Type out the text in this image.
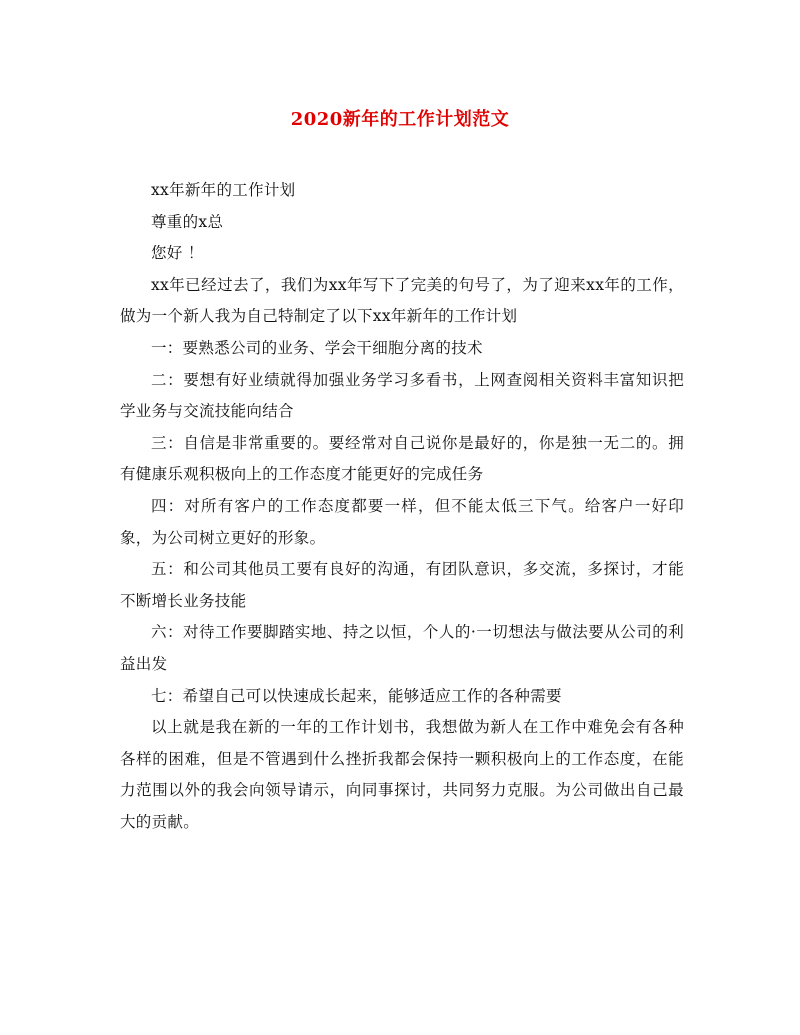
2020新年的工作计划范文

xx年新年的工作计划

尊重的x总

您好 ！

xx年已经过去了，我们为xx年写下了完美的句号了，为了迎来xx年的工作，做为一个新人我为自己特制定了以下xx年新年的工作计划

一：要熟悉公司的业务、学会干细胞分离的技术

二：要想有好业绩就得加强业务学习多看书，上网查阅相关资料丰富知识把学业务与交流技能向结合

三：自信是非常重要的。要经常对自己说你是最好的，你是独一无二的。拥有健康乐观积极向上的工作态度才能更好的完成任务

四：对所有客户的工作态度都要一样，但不能太低三下气。给客户一好印象，为公司树立更好的形象。

五：和公司其他员工要有良好的沟通，有团队意识，多交流，多探讨，才能不断增长业务技能

六：对待工作要脚踏实地、持之以恒，个人的·一切想法与做法要从公司的利益出发

七：希望自己可以快速成长起来，能够适应工作的各种需要

以上就是我在新的一年的工作计划书，我想做为新人在工作中难免会有各种各样的困难，但是不管遇到什么挫折我都会保持一颗积极向上的工作态度，在能力范围以外的我会向领导请示，向同事探讨，共同努力克服。为公司做出自己最大的贡献。
